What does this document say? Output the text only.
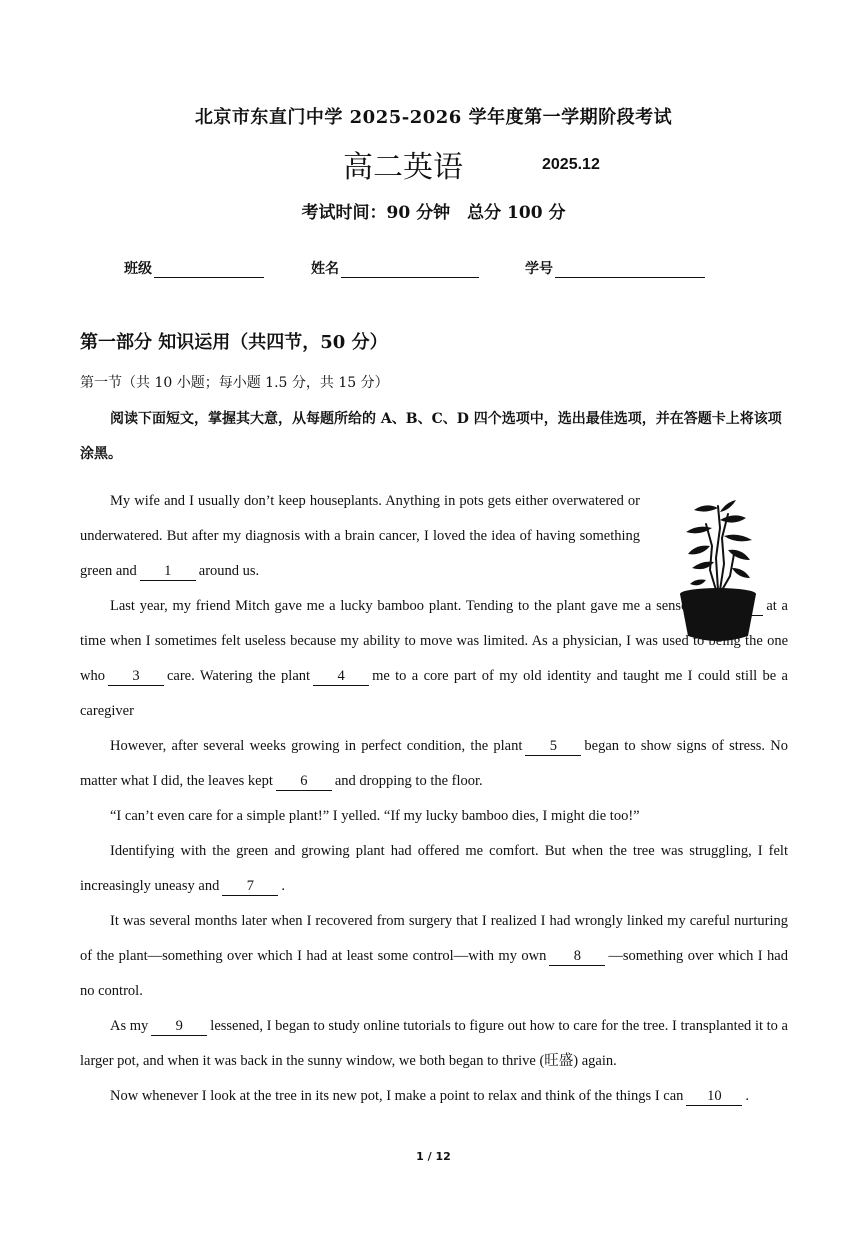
北京市东直门中学 2025-2026 学年度第一学期阶段考试
高二英语	2025.12
考试时间：90 分钟　总分 100 分
班级	姓名	学号
第一部分 知识运用（共四节，50 分）
第一节（共 10 小题；每小题 1.5 分，共 15 分）

阅读下面短文，掌握其大意，从每题所给的 A、B、C、D 四个选项中，选出最佳选项，并在答题卡上将该项涂黑。

My wife and I usually don’t keep houseplants. Anything in pots gets either overwatered or underwatered. But after my diagnosis with a brain cancer, I loved the idea of having something green and 1 around us.

Last year, my friend Mitch gave me a lucky bamboo plant. Tending to the plant gave me a sense of 2 at a time when I sometimes felt useless because my ability to move was limited. As a physician, I was used to being the one who 3 care. Watering the plant 4 me to a core part of my old identity and taught me I could still be a caregiver

However, after several weeks growing in perfect condition, the plant 5 began to show signs of stress. No matter what I did, the leaves kept 6 and dropping to the floor.

“I can’t even care for a simple plant!” I yelled. “If my lucky bamboo dies, I might die too!”

Identifying with the green and growing plant had offered me comfort. But when the tree was struggling, I felt increasingly uneasy and 7 .

It was several months later when I recovered from surgery that I realized I had wrongly linked my careful nurturing of the plant—something over which I had at least some control—with my own 8 —something over which I had no control.

As my 9 lessened, I began to study online tutorials to figure out how to care for the tree. I transplanted it to a larger pot, and when it was back in the sunny window, we both began to thrive (旺盛) again.

Now whenever I look at the tree in its new pot, I make a point to relax and think of the things I can 10 .

1 / 12
